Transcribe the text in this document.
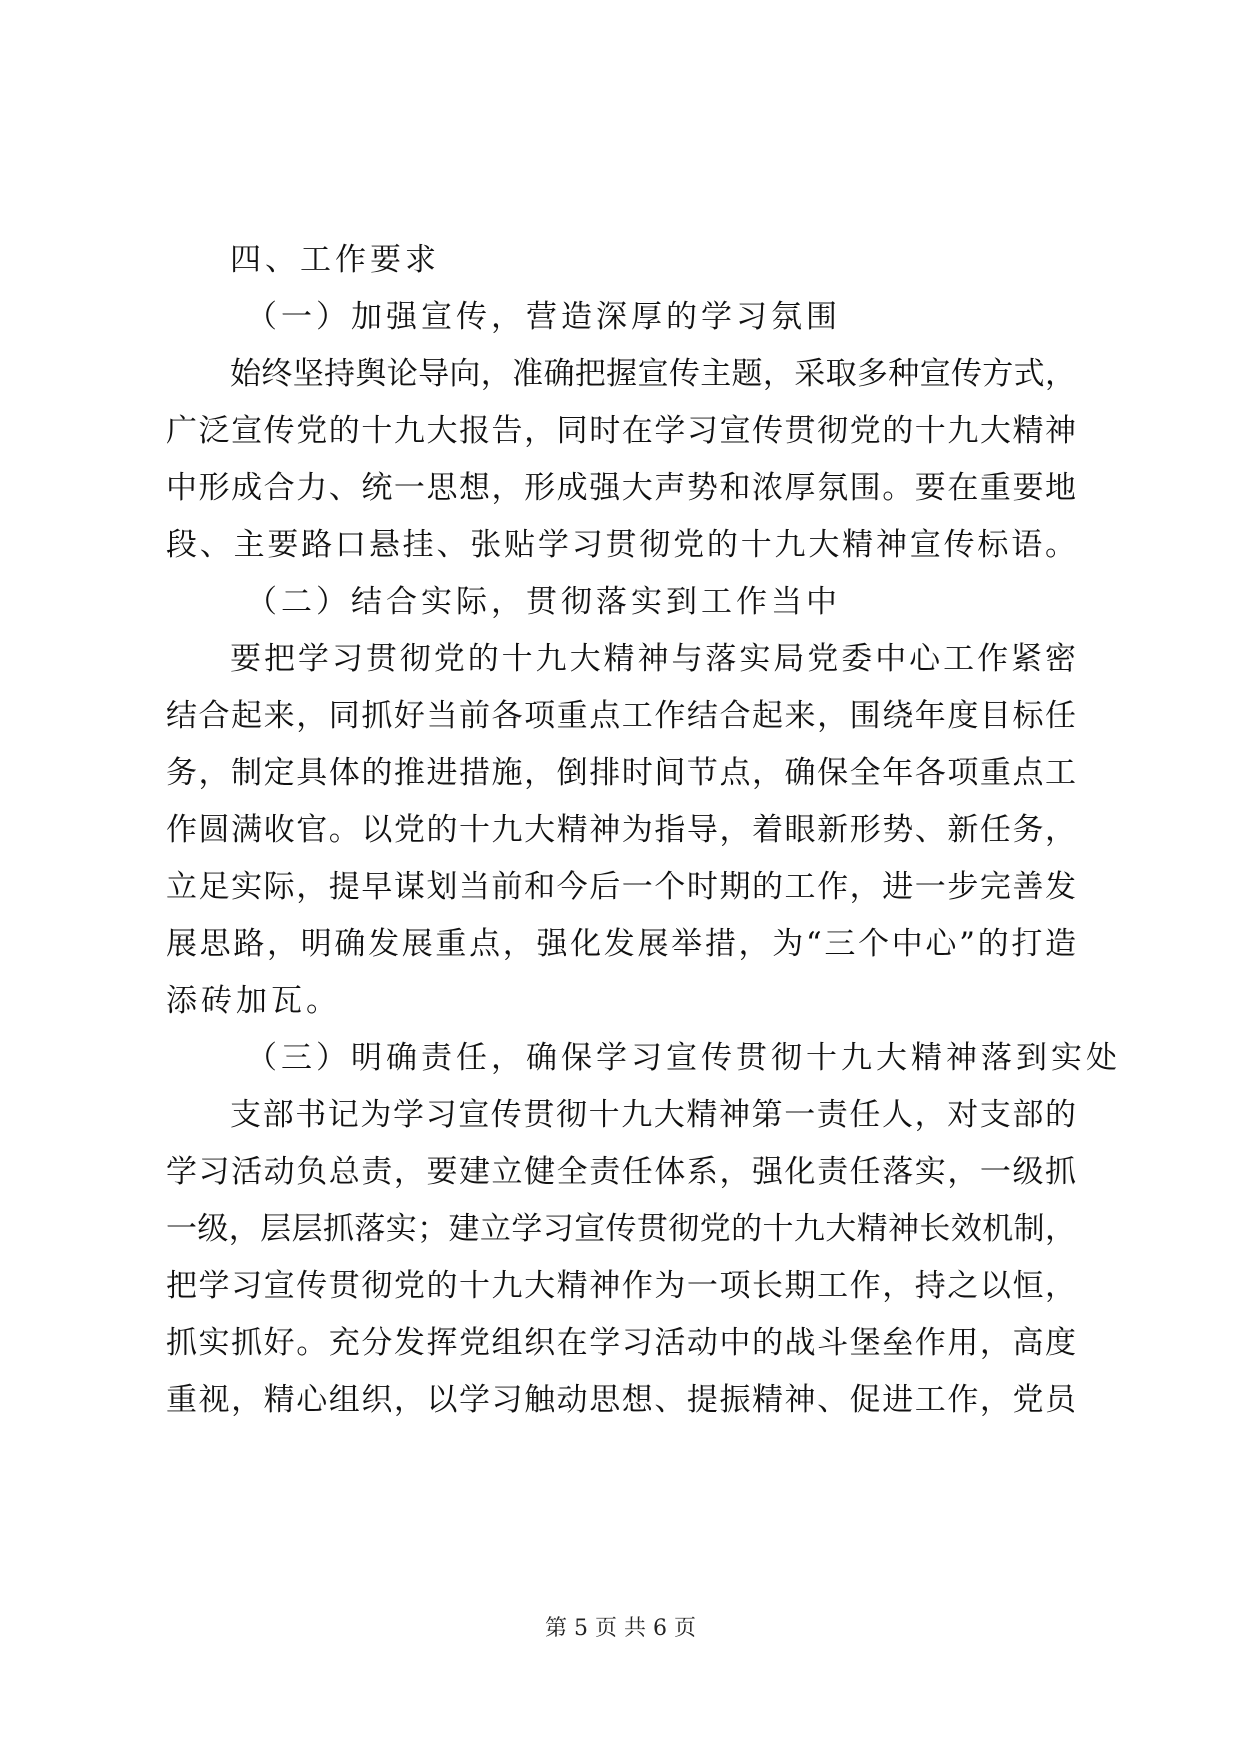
四、工作要求
（一）加强宣传，营造深厚的学习氛围
始终坚持舆论导向，准确把握宣传主题，采取多种宣传方式，
广泛宣传党的十九大报告，同时在学习宣传贯彻党的十九大精神
中形成合力、统一思想，形成强大声势和浓厚氛围。要在重要地
段、主要路口悬挂、张贴学习贯彻党的十九大精神宣传标语。
（二）结合实际，贯彻落实到工作当中
要把学习贯彻党的十九大精神与落实局党委中心工作紧密
结合起来，同抓好当前各项重点工作结合起来，围绕年度目标任
务，制定具体的推进措施，倒排时间节点，确保全年各项重点工
作圆满收官。以党的十九大精神为指导，着眼新形势、新任务，
立足实际，提早谋划当前和今后一个时期的工作，进一步完善发
展思路，明确发展重点，强化发展举措，为“三个中心”的打造
添砖加瓦。
（三）明确责任，确保学习宣传贯彻十九大精神落到实处
支部书记为学习宣传贯彻十九大精神第一责任人，对支部的
学习活动负总责，要建立健全责任体系，强化责任落实，一级抓
一级，层层抓落实；建立学习宣传贯彻党的十九大精神长效机制，
把学习宣传贯彻党的十九大精神作为一项长期工作，持之以恒，
抓实抓好。充分发挥党组织在学习活动中的战斗堡垒作用，高度
重视，精心组织，以学习触动思想、提振精神、促进工作，党员
第 5 页 共 6 页
